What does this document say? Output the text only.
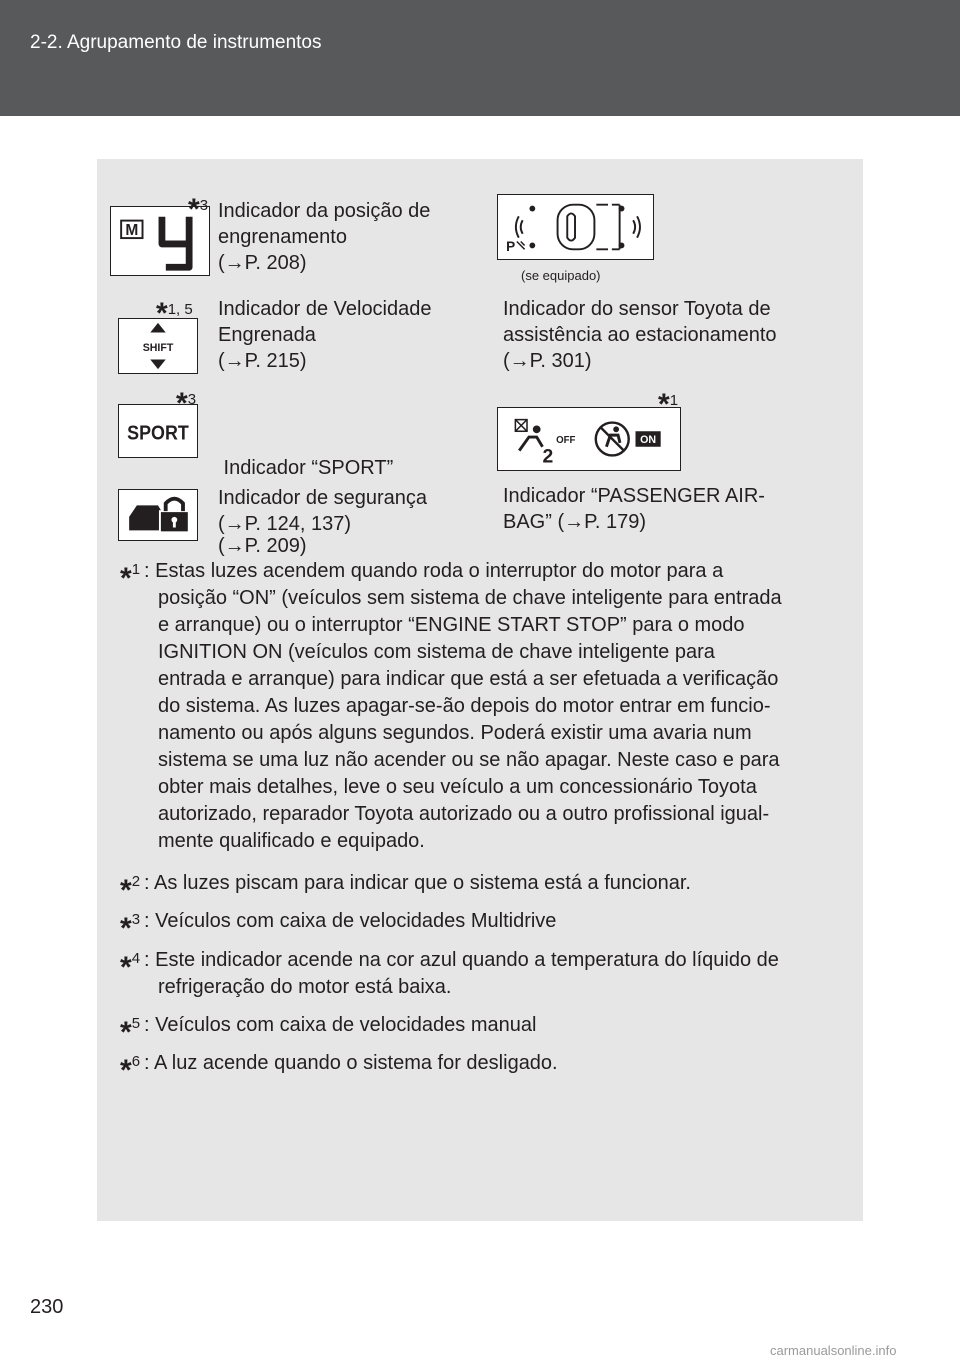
2-2. Agrupamento de instrumentos
M
*3 Indicador da posição de
engrenamento
(→P. 208)
P
(se equipado)
SHIFT
*1, 5 Indicador de Velocidade
Engrenada
(→P. 215)
Indicador do sensor Toyota de
assistência ao estacionamento
(→P. 301)
SPORT
*3

Indicador “SPORT”

(→P. 209)

2
OFF	ON
*1
Indicador de segurança
(→P. 124, 137)
Indicador “PASSENGER AIR-
BAG” (→P. 179)
*$^1$ : Estas luzes acendem quando roda o interruptor do motor para a
posição “ON” (veículos sem sistema de chave inteligente para entrada
e arranque) ou o interruptor “ENGINE START STOP” para o modo
IGNITION ON (veículos com sistema de chave inteligente para
entrada e arranque) para indicar que está a ser efetuada a verificação
do sistema. As luzes apagar-se-ão depois do motor entrar em funcio-
namento ou após alguns segundos. Poderá existir uma avaria num
sistema se uma luz não acender ou se não apagar. Neste caso e para
obter mais detalhes, leve o seu veículo a um concessionário Toyota
autorizado, reparador Toyota autorizado ou a outro profissional igual-
mente qualificado e equipado.
*$^2$ : As luzes piscam para indicar que o sistema está a funcionar.
*$^3$ : Veículos com caixa de velocidades Multidrive
*$^4$ : Este indicador acende na cor azul quando a temperatura do líquido de
refrigeração do motor está baixa.
*$^5$ : Veículos com caixa de velocidades manual
*$^6$ : A luz acende quando o sistema for desligado.
230
carmanualsonline.info
